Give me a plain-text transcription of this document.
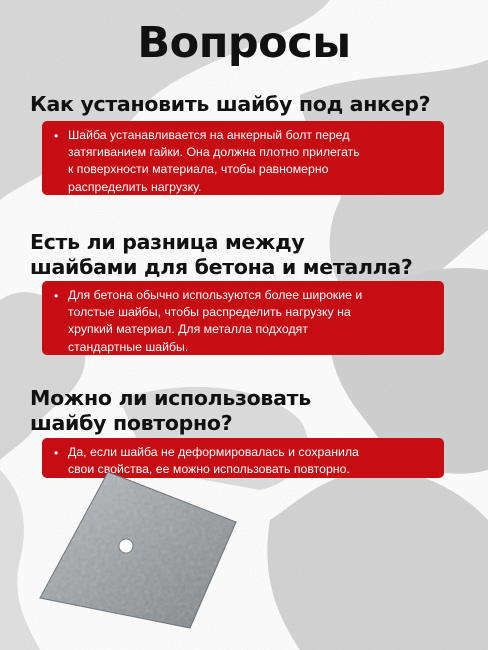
Вопросы
Как установить шайбу под анкер?
• Шайба устанавливается на анкерный болт перед
затягиванием гайки. Она должна плотно прилегать
к поверхности материала, чтобы равномерно
распределить нагрузку.
Есть ли разница между
шайбами для бетона и металла?
• Для бетона обычно используются более широкие и
толстые шайбы, чтобы распределить нагрузку на
хрупкий материал. Для металла подходят
стандартные шайбы.
Можно ли использовать
шайбу повторно?
• Да, если шайба не деформировалась и сохранила
свои свойства, ее можно использовать повторно.
